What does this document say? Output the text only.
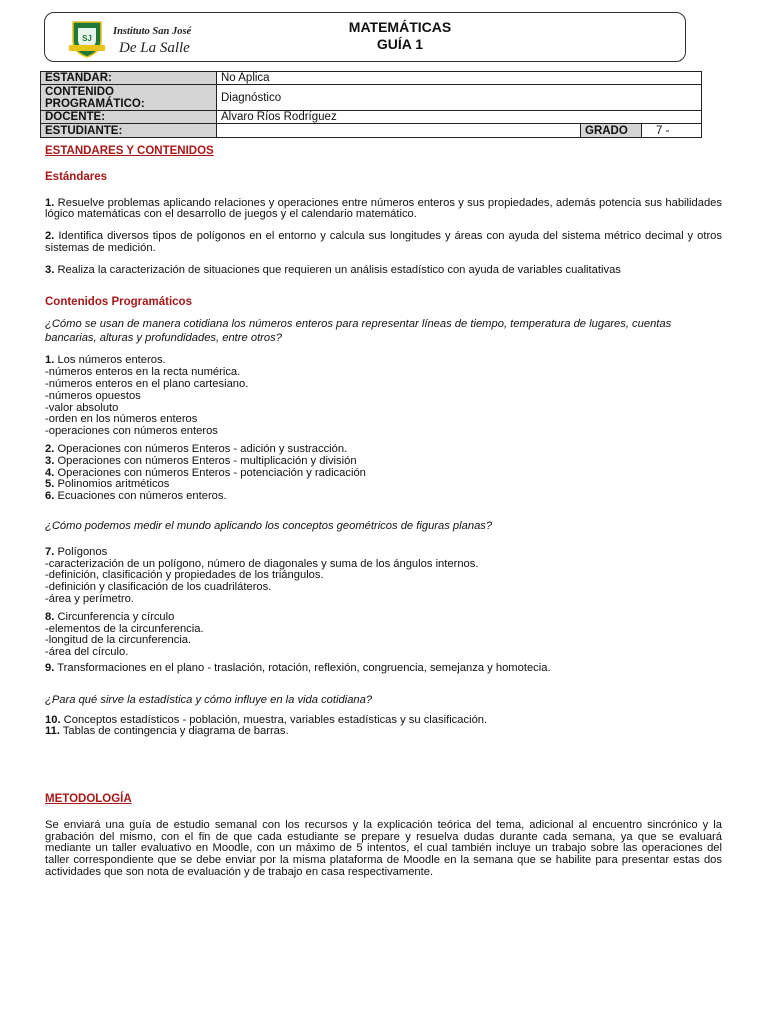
SJ
Instituto San José
De La Salle
MATEMÁTICAS
GUÍA 1
ESTANDAR:	No Aplica		

CONTENIDO
PROGRAMÁTICO:	Diagnóstico		
DOCENTE:	Alvaro Ríos Rodríguez		
ESTUDIANTE:		GRADO	7 -

ESTANDARES Y CONTENIDOS

Estándares

1. Resuelve problemas aplicando relaciones y operaciones entre números enteros y sus propiedades, además potencia sus habilidades lógico matemáticas con el desarrollo de juegos y el calendario matemático.

2. Identifica diversos tipos de polígonos en el entorno y calcula sus longitudes y áreas con ayuda del sistema métrico decimal y otros sistemas de medición.

3. Realiza la caracterización de situaciones que requieren un análisis estadístico con ayuda de variables cualitativas

Contenidos Programáticos

¿Cómo se usan de manera cotidiana los números enteros para representar líneas de tiempo, temperatura de lugares, cuentas bancarias, alturas y profundidades, entre otros?

1. Los números enteros.

-números enteros en la recta numérica.

-números enteros en el plano cartesiano.

-números opuestos

-valor absoluto

-orden en los números enteros

-operaciones con números enteros

2. Operaciones con números Enteros - adición y sustracción.

3. Operaciones con números Enteros - multiplicación y división

4. Operaciones con números Enteros - potenciación y radicación

5. Polinomios aritméticos

6. Ecuaciones con números enteros.

¿Cómo podemos medir el mundo aplicando los conceptos geométricos de figuras planas?

7. Polígonos

-caracterización de un polígono, número de diagonales y suma de los ángulos internos.

-definición, clasificación y propiedades de los triángulos.

-definición y clasificación de los cuadriláteros.

-área y perímetro.

8. Circunferencia y círculo

-elementos de la circunferencia.

-longitud de la circunferencia.

-área del círculo.

9. Transformaciones en el plano - traslación, rotación, reflexión, congruencia, semejanza y homotecia.

¿Para qué sirve la estadística y cómo influye en la vida cotidiana?

10. Conceptos estadísticos - población, muestra, variables estadísticas y su clasificación.

11. Tablas de contingencia y diagrama de barras.

METODOLOGÍA

Se enviará una guía de estudio semanal con los recursos y la explicación teórica del tema, adicional al encuentro sincrónico y la grabación del mismo, con el fin de que cada estudiante se prepare y resuelva dudas durante cada semana, ya que se evaluará mediante un taller evaluativo en Moodle, con un máximo de 5 intentos, el cual también incluye un trabajo sobre las operaciones del taller correspondiente que se debe enviar por la misma plataforma de Moodle en la semana que se habilite para presentar estas dos actividades que son nota de evaluación y de trabajo en casa respectivamente.
